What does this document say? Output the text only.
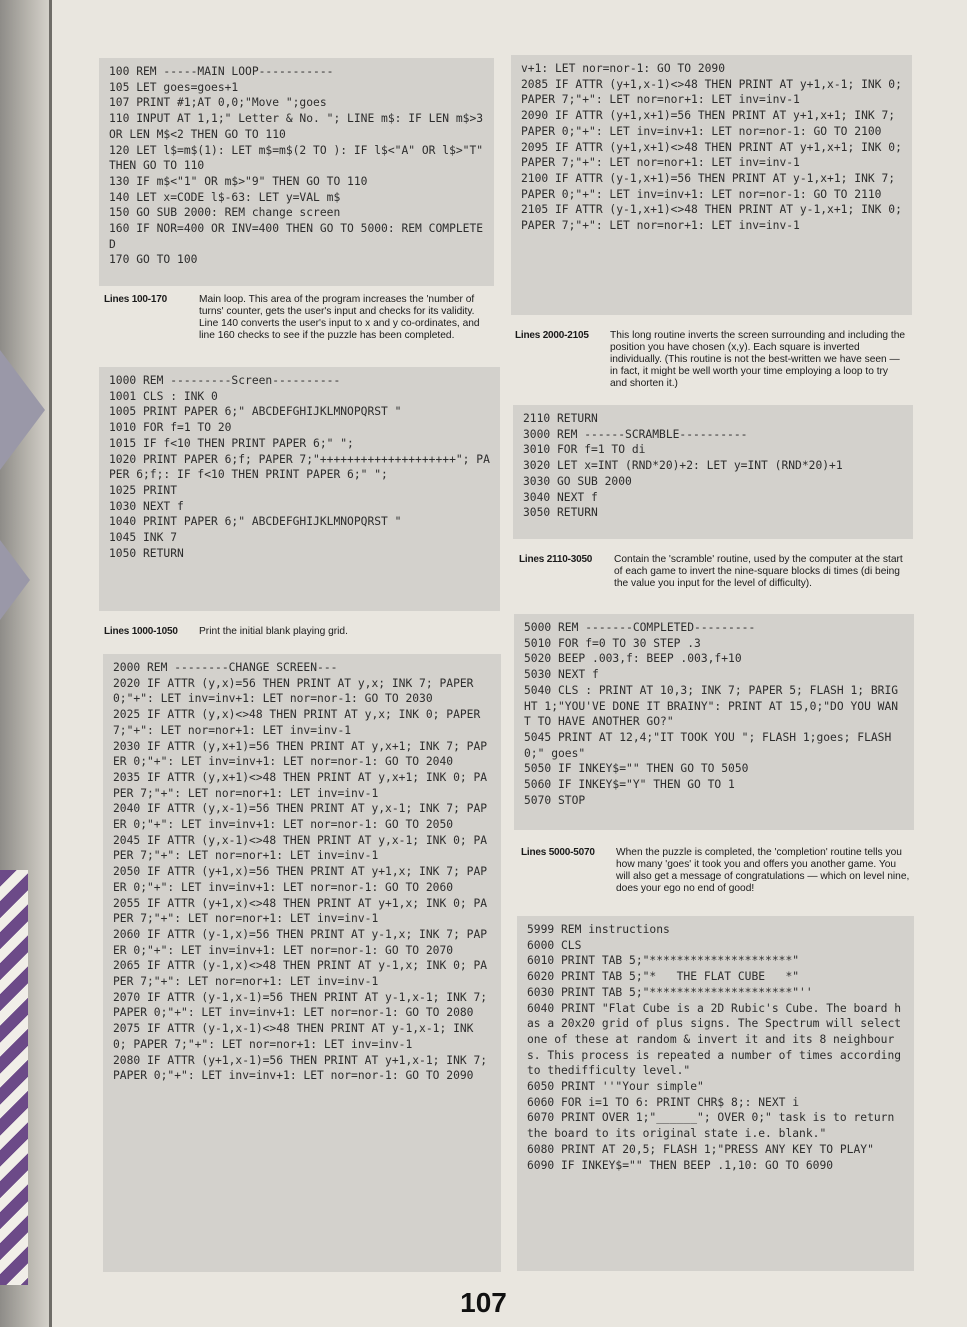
100 REM -----MAIN LOOP-----------

105 LET goes=goes+1

107 PRINT #1;AT 0,0;"Move ";goes

110 INPUT AT 1,1;" Letter & No. "; LINE m$: IF LEN m$>3 OR LEN M$<2 THEN GO TO 110

120 LET l$=m$(1): LET m$=m$(2 TO ): IF l$<"A" OR l$>"T" THEN GO TO 110

130 IF m$<"1" OR m$>"9" THEN GO TO 110

140 LET x=CODE l$-63: LET y=VAL m$

150 GO SUB 2000: REM change screen

160 IF NOR=400 OR INV=400 THEN GO TO 5000: REM COMPLETED

170 GO TO 100

Lines 100-170	Main loop. This area of the program increases the 'number of turns' counter, gets the user's input and checks for its validity. Line 140 converts the user's input to x and y co-ordinates, and line 160 checks to see if the puzzle has been completed.

1000 REM ---------Screen----------

1001 CLS : INK 0

1005 PRINT PAPER 6;" ABCDEFGHIJKLMNOPQRST "

1010 FOR f=1 TO 20

1015 IF f<10 THEN PRINT PAPER 6;" ";

1020 PRINT PAPER 6;f; PAPER 7;"++++++++++++++++++++"; PAPER 6;f;: IF f<10 THEN PRINT PAPER 6;" ";

1025 PRINT

1030 NEXT f

1040 PRINT PAPER 6;" ABCDEFGHIJKLMNOPQRST "

1045 INK 7

1050 RETURN

Lines 1000-1050 Print the initial blank playing grid.

2000 REM --------CHANGE SCREEN---

2020 IF ATTR (y,x)=56 THEN PRINT AT y,x; INK 7; PAPER 0;"+": LET inv=inv+1: LET nor=nor-1: GO TO 2030

2025 IF ATTR (y,x)<>48 THEN PRINT AT y,x; INK 0; PAPER 7;"+": LET nor=nor+1: LET inv=inv-1

2030 IF ATTR (y,x+1)=56 THEN PRINT AT y,x+1; INK 7; PAPER 0;"+": LET inv=inv+1: LET nor=nor-1: GO TO 2040

2035 IF ATTR (y,x+1)<>48 THEN PRINT AT y,x+1; INK 0; PAPER 7;"+": LET nor=nor+1: LET inv=inv-1

2040 IF ATTR (y,x-1)=56 THEN PRINT AT y,x-1; INK 7; PAPER 0;"+": LET inv=inv+1: LET nor=nor-1: GO TO 2050

2045 IF ATTR (y,x-1)<>48 THEN PRINT AT y,x-1; INK 0; PAPER 7;"+": LET nor=nor+1: LET inv=inv-1

2050 IF ATTR (y+1,x)=56 THEN PRINT AT y+1,x; INK 7; PAPER 0;"+": LET inv=inv+1: LET nor=nor-1: GO TO 2060

2055 IF ATTR (y+1,x)<>48 THEN PRINT AT y+1,x; INK 0; PAPER 7;"+": LET nor=nor+1: LET inv=inv-1

2060 IF ATTR (y-1,x)=56 THEN PRINT AT y-1,x; INK 7; PAPER 0;"+": LET inv=inv+1: LET nor=nor-1: GO TO 2070

2065 IF ATTR (y-1,x)<>48 THEN PRINT AT y-1,x; INK 0; PAPER 7;"+": LET nor=nor+1: LET inv=inv-1

2070 IF ATTR (y-1,x-1)=56 THEN PRINT AT y-1,x-1; INK 7; PAPER 0;"+": LET inv=inv+1: LET nor=nor-1: GO TO 2080

2075 IF ATTR (y-1,x-1)<>48 THEN PRINT AT y-1,x-1; INK 0; PAPER 7;"+": LET nor=nor+1: LET inv=inv-1

2080 IF ATTR (y+1,x-1)=56 THEN PRINT AT y+1,x-1; INK 7; PAPER 0;"+": LET inv=inv+1: LET nor=nor-1: GO TO 2090

v+1: LET nor=nor-1: GO TO 2090

2085 IF ATTR (y+1,x-1)<>48 THEN PRINT AT y+1,x-1; INK 0; PAPER 7;"+": LET nor=nor+1: LET inv=inv-1

2090 IF ATTR (y+1,x+1)=56 THEN PRINT AT y+1,x+1; INK 7; PAPER 0;"+": LET inv=inv+1: LET nor=nor-1: GO TO 2100

2095 IF ATTR (y+1,x+1)<>48 THEN PRINT AT y+1,x+1; INK 0; PAPER 7;"+": LET nor=nor+1: LET inv=inv-1

2100 IF ATTR (y-1,x+1)=56 THEN PRINT AT y-1,x+1; INK 7; PAPER 0;"+": LET inv=inv+1: LET nor=nor-1: GO TO 2110

2105 IF ATTR (y-1,x+1)<>48 THEN PRINT AT y-1,x+1; INK 0; PAPER 7;"+": LET nor=nor+1: LET inv=inv-1

Lines 2000-2105 This long routine inverts the screen surrounding and including the position you have chosen (x,y). Each square is inverted individually. (This routine is not the best-written we have seen — in fact, it might be well worth your time employing a loop to try and shorten it.)

2110 RETURN

3000 REM ------SCRAMBLE----------

3010 FOR f=1 TO di

3020 LET x=INT (RND*20)+2: LET y=INT (RND*20)+1

3030 GO SUB 2000

3040 NEXT f

3050 RETURN

Lines 2110-3050 Contain the 'scramble' routine, used by the computer at the start of each game to invert the nine-square blocks di times (di being the value you input for the level of difficulty).

5000 REM -------COMPLETED---------

5010 FOR f=0 TO 30 STEP .3

5020 BEEP .003,f: BEEP .003,f+10

5030 NEXT f

5040 CLS : PRINT AT 10,3; INK 7; PAPER 5; FLASH 1; BRIGHT 1;"YOU'VE DONE IT BRAINY": PRINT AT 15,0;"DO YOU WANT TO HAVE ANOTHER GO?"

5045 PRINT AT 12,4;"IT TOOK YOU "; FLASH 1;goes; FLASH 0;" goes"

5050 IF INKEY$="" THEN GO TO 5050

5060 IF INKEY$="Y" THEN GO TO 1

5070 STOP

Lines 5000-5070 When the puzzle is completed, the 'completion' routine tells you how many 'goes' it took you and offers you another game. You will also get a message of congratulations — which on level nine, does your ego no end of good!

5999 REM instructions

6000 CLS

6010 PRINT TAB 5;"*********************"

6020 PRINT TAB 5;"*   THE FLAT CUBE   *"

6030 PRINT TAB 5;"*********************"''

6040 PRINT "Flat Cube is a 2D Rubic's Cube. The board has a 20x20 grid of plus signs. The Spectrum will select one of these at random & invert it and its 8 neighbours. This process is repeated a number of times according to thedifficulty level."

6050 PRINT ''"Your simple"

6060 FOR i=1 TO 6: PRINT CHR$ 8;: NEXT i

6070 PRINT OVER 1;"______"; OVER 0;" task is to return the board to its original state i.e. blank."

6080 PRINT AT 20,5; FLASH 1;"PRESS ANY KEY TO PLAY"

6090 IF INKEY$="" THEN BEEP .1,10: GO TO 6090

107
